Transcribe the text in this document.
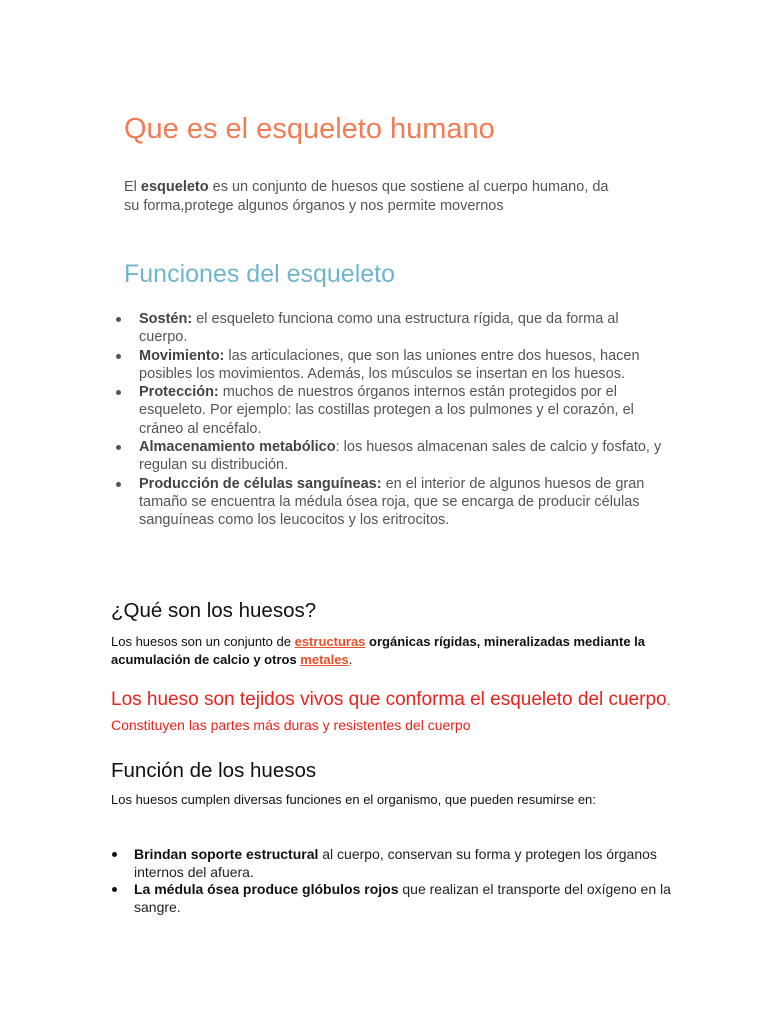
Que es el esqueleto humano

El esqueleto es un conjunto de huesos que sostiene al cuerpo humano, da su forma,protege algunos órganos y nos permite movernos

Funciones del esqueleto
Sostén: el esqueleto funciona como una estructura rígida, que da forma al cuerpo.
Movimiento: las articulaciones, que son las uniones entre dos huesos, hacen posibles los movimientos. Además, los músculos se insertan en los huesos.
Protección: muchos de nuestros órganos internos están protegidos por el esqueleto. Por ejemplo: las costillas protegen a los pulmones y el corazón, el cráneo al encéfalo.
Almacenamiento metabólico: los huesos almacenan sales de calcio y fosfato, y regulan su distribución.
Producción de células sanguíneas: en el interior de algunos huesos de gran tamaño se encuentra la médula ósea roja, que se encarga de producir células sanguíneas como los leucocitos y los eritrocitos.
¿Qué son los huesos?

Los huesos son un conjunto de estructuras orgánicas rígidas, mineralizadas mediante la acumulación de calcio y otros metales.

Los hueso son tejidos vivos que conforma el esqueleto del cuerpo. Constituyen las partes más duras y resistentes del cuerpo

Función de los huesos

Los huesos cumplen diversas funciones en el organismo, que pueden resumirse en:

Brindan soporte estructural al cuerpo, conservan su forma y protegen los órganos internos del afuera.
La médula ósea produce glóbulos rojos que realizan el transporte del oxígeno en la sangre.
